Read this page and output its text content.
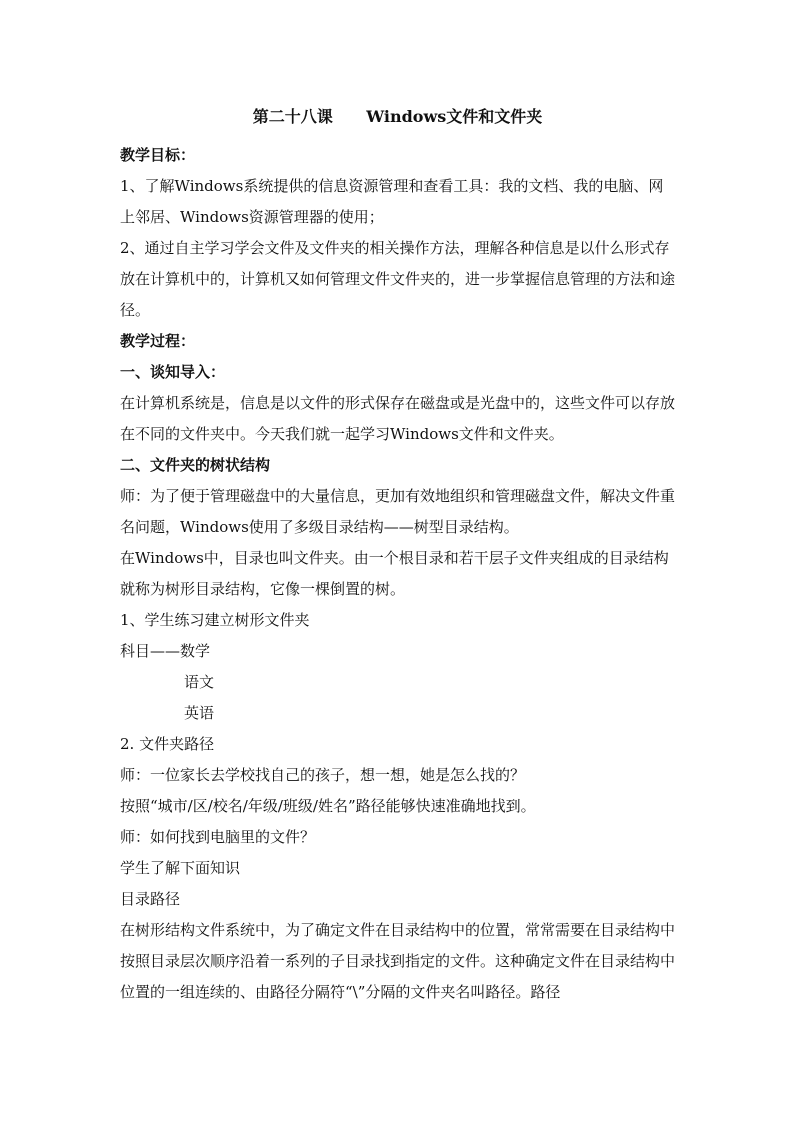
第二十八课      Windows文件和文件夹

教学目标：

1、了解Windows系统提供的信息资源管理和查看工具：我的文档、我的电脑、网上邻居、Windows资源管理器的使用；

2、通过自主学习学会文件及文件夹的相关操作方法，理解各种信息是以什么形式存放在计算机中的，计算机又如何管理文件文件夹的，进一步掌握信息管理的方法和途径。

教学过程：

一、谈知导入：

在计算机系统是，信息是以文件的形式保存在磁盘或是光盘中的，这些文件可以存放在不同的文件夹中。今天我们就一起学习Windows文件和文件夹。

二、文件夹的树状结构

师：为了便于管理磁盘中的大量信息，更加有效地组织和管理磁盘文件，解决文件重名问题，Windows使用了多级目录结构——树型目录结构。

在Windows中，目录也叫文件夹。由一个根目录和若干层子文件夹组成的目录结构就称为树形目录结构，它像一棵倒置的树。

1、学生练习建立树形文件夹

科目——数学

语文

英语

2. 文件夹路径

师：一位家长去学校找自己的孩子，想一想，她是怎么找的？

按照“城市/区/校名/年级/班级/姓名”路径能够快速准确地找到。

师：如何找到电脑里的文件？

学生了解下面知识

目录路径

在树形结构文件系统中，为了确定文件在目录结构中的位置，常常需要在目录结构中按照目录层次顺序沿着一系列的子目录找到指定的文件。这种确定文件在目录结构中位置的一组连续的、由路径分隔符“\”分隔的文件夹名叫路径。路径
